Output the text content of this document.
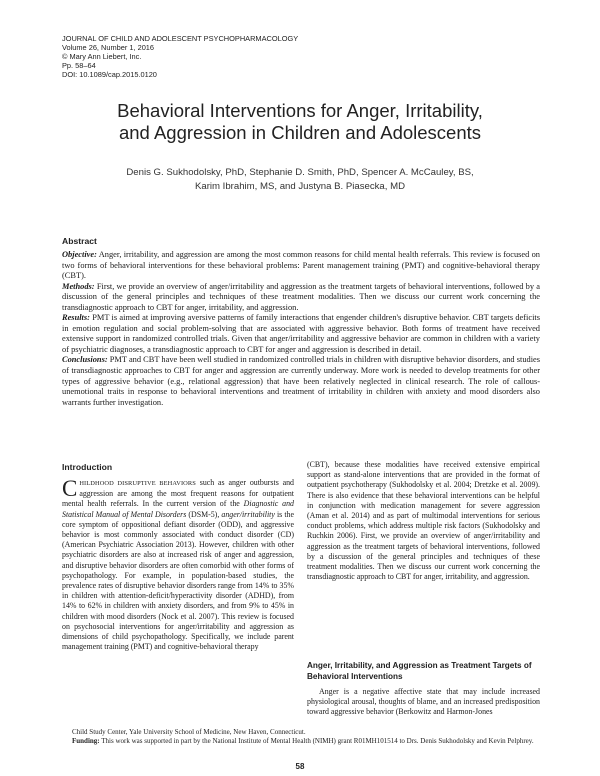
JOURNAL OF CHILD AND ADOLESCENT PSYCHOPHARMACOLOGY
Volume 26, Number 1, 2016
© Mary Ann Liebert, Inc.
Pp. 58–64
DOI: 10.1089/cap.2015.0120
Behavioral Interventions for Anger, Irritability,
and Aggression in Children and Adolescents
Denis G. Sukhodolsky, PhD, Stephanie D. Smith, PhD, Spencer A. McCauley, BS,
Karim Ibrahim, MS, and Justyna B. Piasecka, MD
Abstract

Objective: Anger, irritability, and aggression are among the most common reasons for child mental health referrals. This review is focused on two forms of behavioral interventions for these behavioral problems: Parent management training (PMT) and cognitive-behavioral therapy (CBT).

Methods: First, we provide an overview of anger/irritability and aggression as the treatment targets of behavioral interventions, followed by a discussion of the general principles and techniques of these treatment modalities. Then we discuss our current work concerning the transdiagnostic approach to CBT for anger, irritability, and aggression.

Results: PMT is aimed at improving aversive patterns of family interactions that engender children's disruptive behavior. CBT targets deficits in emotion regulation and social problem-solving that are associated with aggressive behavior. Both forms of treatment have received extensive support in randomized controlled trials. Given that anger/irritability and aggressive behavior are common in children with a variety of psychiatric diagnoses, a transdiagnostic approach to CBT for anger and aggression is described in detail.

Conclusions: PMT and CBT have been well studied in randomized controlled trials in children with disruptive behavior disorders, and studies of transdiagnostic approaches to CBT for anger and aggression are currently underway. More work is needed to develop treatments for other types of aggressive behavior (e.g., relational aggression) that have been relatively neglected in clinical research. The role of callous-unemotional traits in response to behavioral interventions and treatment of irritability in children with anxiety and mood disorders also warrants further investigation.

Introduction

CHILDHOOD DISRUPTIVE BEHAVIORS such as anger outbursts and aggression are among the most frequent reasons for outpatient mental health referrals. In the current version of the Diagnostic and Statistical Manual of Mental Disorders (DSM-5), anger/irritability is the core symptom of oppositional defiant disorder (ODD), and aggressive behavior is most commonly associated with conduct disorder (CD) (American Psychiatric Association 2013). However, children with other psychiatric disorders are also at increased risk of anger and aggression, and disruptive behavior disorders are often comorbid with other forms of psychopathology. For example, in population-based studies, the prevalence rates of disruptive behavior disorders range from 14% to 35% in children with attention-deficit/hyperactivity disorder (ADHD), from 14% to 62% in children with anxiety disorders, and from 9% to 45% in children with mood disorders (Nock et al. 2007). This review is focused on psychosocial interventions for anger/irritability and aggression as dimensions of child psychopathology. Specifically, we include parent management training (PMT) and cognitive-behavioral therapy

(CBT), because these modalities have received extensive empirical support as stand-alone interventions that are provided in the format of outpatient psychotherapy (Sukhodolsky et al. 2004; Dretzke et al. 2009). There is also evidence that these behavioral interventions can be helpful in conjunction with medication management for severe aggression (Aman et al. 2014) and as part of multimodal interventions for serious conduct problems, which address multiple risk factors (Sukhodolsky and Ruchkin 2006). First, we provide an overview of anger/irritability and aggression as the treatment targets of behavioral interventions, followed by a discussion of the general principles and techniques of these treatment modalities. Then we discuss our current work concerning the transdiagnostic approach to CBT for anger, irritability, and aggression.

Anger, Irritability, and Aggression as Treatment Targets of Behavioral Interventions

Anger is a negative affective state that may include increased physiological arousal, thoughts of blame, and an increased predisposition toward aggressive behavior (Berkowitz and Harmon-Jones

Child Study Center, Yale University School of Medicine, New Haven, Connecticut.

Funding: This work was supported in part by the National Institute of Mental Health (NIMH) grant R01MH101514 to Drs. Denis Sukhodolsky and Kevin Pelphrey.

58
